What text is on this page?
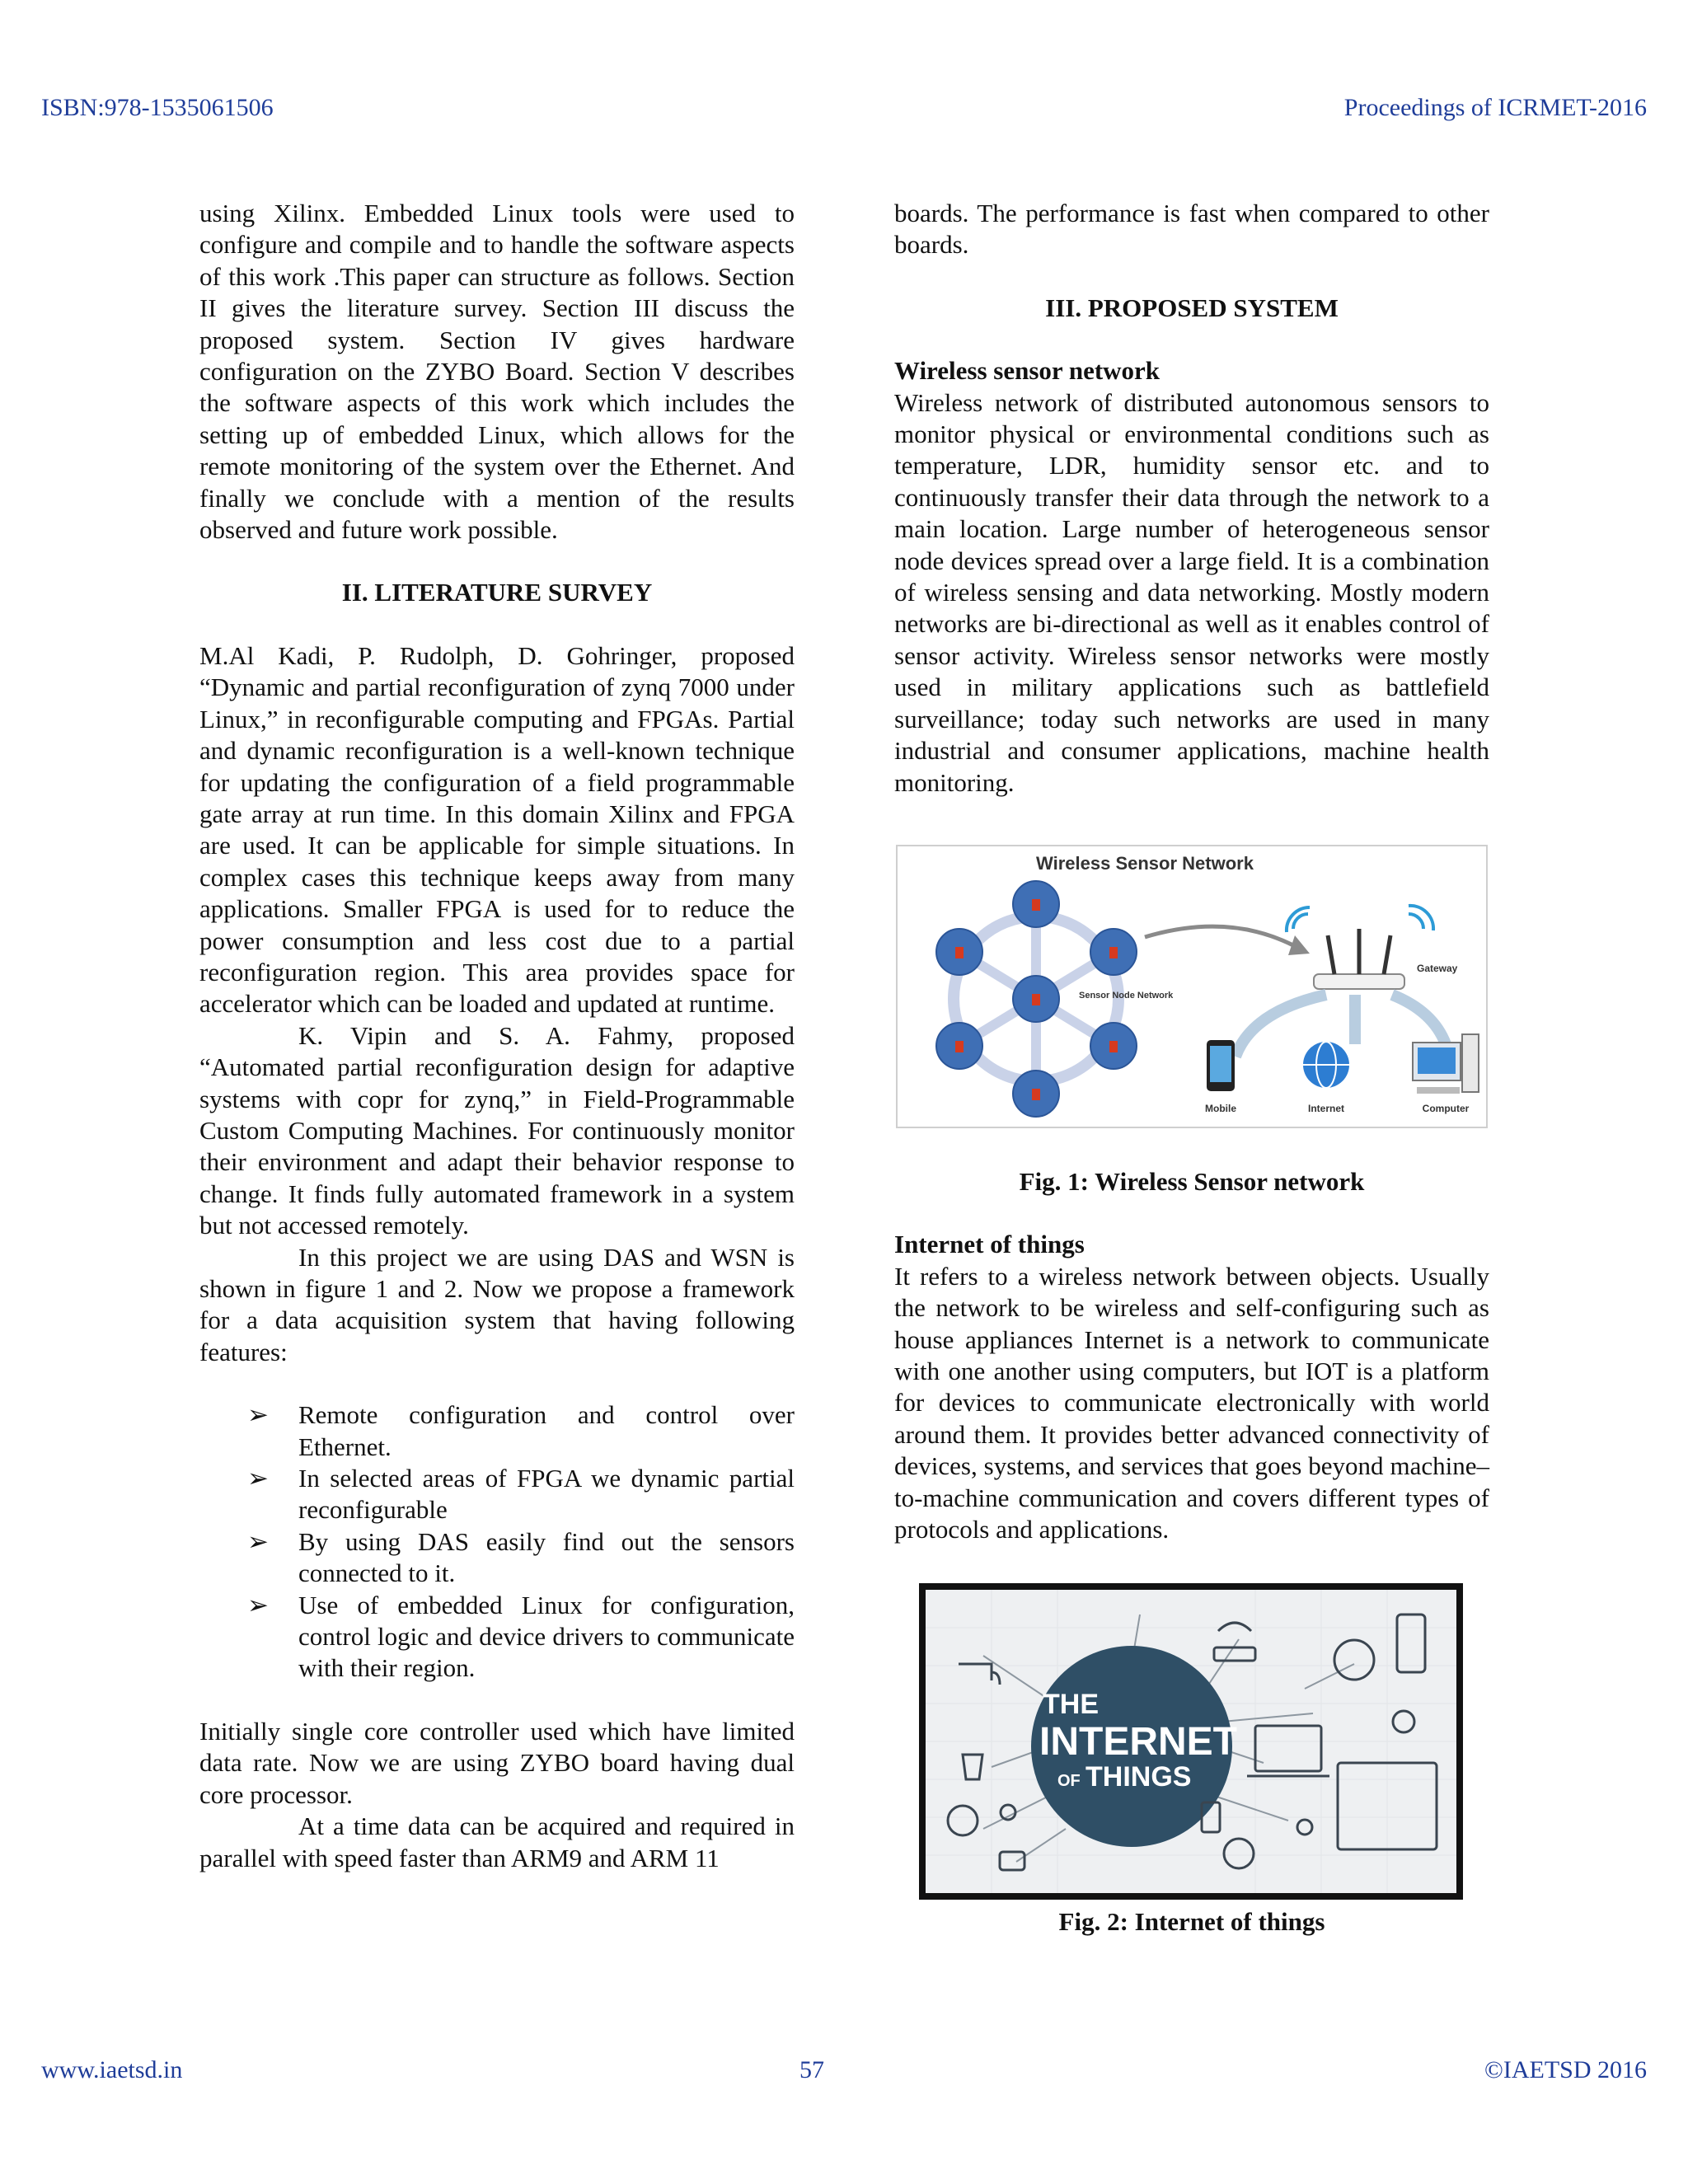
ISBN:978-1535061506	Proceedings of ICRMET-2016

using Xilinx. Embedded Linux tools were used to configure and compile and to handle the software aspects of this work .This paper can structure as follows. Section II gives the literature survey. Section III discuss the proposed system. Section IV gives hardware configuration on the ZYBO Board. Section V describes the software aspects of this work which includes the setting up of embedded Linux, which allows for the remote monitoring of the system over the Ethernet. And finally we conclude with a mention of the results observed and future work possible.

II. LITERATURE SURVEY

M.Al Kadi, P. Rudolph, D. Gohringer, proposed “Dynamic and partial reconfiguration of zynq 7000 under Linux,” in reconfigurable computing and FPGAs. Partial and dynamic reconfiguration is a well-known technique for updating the configuration of a field programmable gate array at run time. In this domain Xilinx and FPGA are used. It can be applicable for simple situations. In complex cases this technique keeps away from many applications. Smaller FPGA is used for to reduce the power consumption and less cost due to a partial reconfiguration region. This area provides space for accelerator which can be loaded and updated at runtime.

K. Vipin and S. A. Fahmy, proposed “Automated partial reconfiguration design for adaptive systems with copr for zynq,” in Field-Programmable Custom Computing Machines. For continuously monitor their environment and adapt their behavior response to change. It finds fully automated framework in a system but not accessed remotely.

In this project we are using DAS and WSN is shown in figure 1 and 2. Now we propose a framework for a data acquisition system that having following features:

➢ Remote configuration and control over Ethernet.
➢ In selected areas of FPGA we dynamic partial reconfigurable
➢ By using DAS easily find out the sensors connected to it.
➢ Use of embedded Linux for configuration, control logic and device drivers to communicate with their region.

Initially single core controller used which have limited data rate. Now we are using ZYBO board having dual core processor.

At a time data can be acquired and required in parallel with speed faster than ARM9 and ARM 11

boards. The performance is fast when compared to other boards.

III. PROPOSED SYSTEM

Wireless sensor network

Wireless network of distributed autonomous sensors to monitor physical or environmental conditions such as temperature, LDR, humidity sensor etc. and to continuously transfer their data through the network to a main location. Large number of heterogeneous sensor node devices spread over a large field. It is a combination of wireless sensing and data networking. Mostly modern networks are bi-directional as well as it enables control of sensor activity. Wireless sensor networks were mostly used in military applications such as battlefield surveillance; today such networks are used in many industrial and consumer applications, machine health monitoring.

Wireless Sensor Network
Sensor Node Network
Gateway
Mobile	Internet	Computer

Fig. 1: Wireless Sensor network

Internet of things

It refers to a wireless network between objects. Usually the network to be wireless and self-configuring such as house appliances Internet is a network to communicate with one another using computers, but IOT is a platform for devices to communicate electronically with world around them. It provides better advanced connectivity of devices, systems, and services that goes beyond machine–to-machine communication and covers different types of protocols and applications.

THE
INTERNET
OF THINGS

Fig. 2: Internet of things

www.iaetsd.in	57	©IAETSD 2016
